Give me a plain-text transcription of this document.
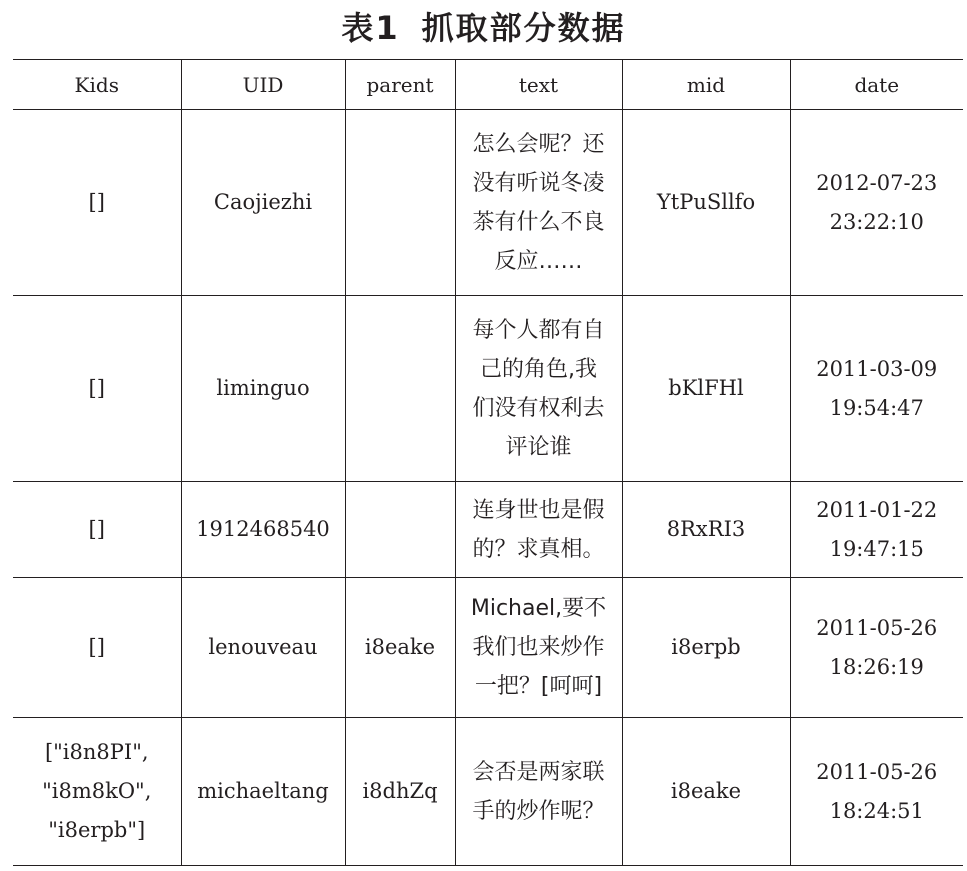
表1 抓取部分数据
Kids	UID	parent	text	mid	date

[]	Caojiezhi		怎么会呢？还
没有听说冬凌
茶有什么不良
反应……	YtPuSllfo	2012-07-23
23:22:10

[]	liminguo		每个人都有自
己的角色,我
们没有权利去
评论谁	bKlFHl	2011-03-09
19:54:47

[]	1912468540		连身世也是假
的？求真相。	8RxRI3	2011-01-22
19:47:15

[]	lenouveau	i8eake	Michael,要不
我们也来炒作
一把？[呵呵]	i8erpb	2011-05-26
18:26:19

["i8n8PI",
"i8m8kO",
"i8erpb"]	michaeltang	i8dhZq	会否是两家联
手的炒作呢？	i8eake	2011-05-26
18:24:51
